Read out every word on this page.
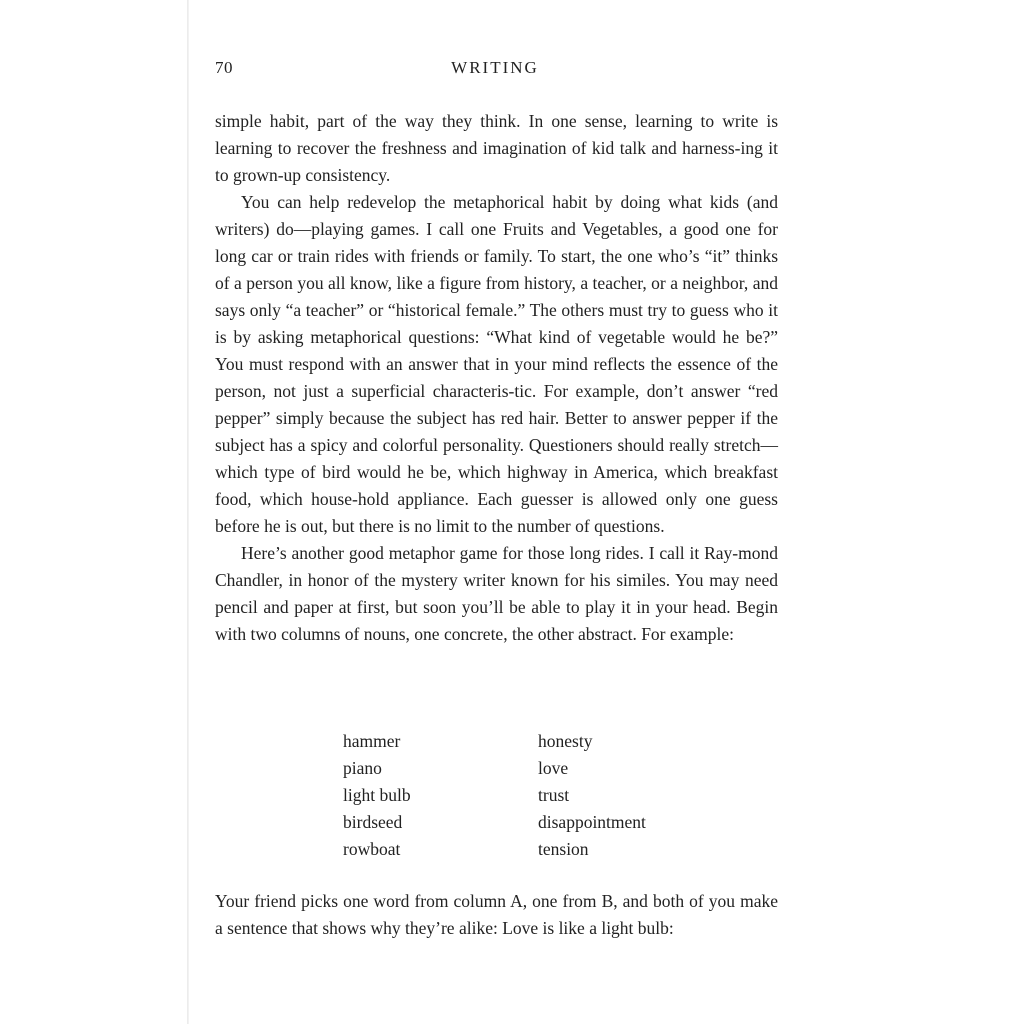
70	WRITING

simple habit, part of the way they think. In one sense, learning to write is learning to recover the freshness and imagination of kid talk and harness-ing it to grown-up consistency.

You can help redevelop the metaphorical habit by doing what kids (and writers) do—playing games. I call one Fruits and Vegetables, a good one for long car or train rides with friends or family. To start, the one who’s “it” thinks of a person you all know, like a figure from history, a teacher, or a neighbor, and says only “a teacher” or “historical female.” The others must try to guess who it is by asking metaphorical questions: “What kind of vegetable would he be?” You must respond with an answer that in your mind reflects the essence of the person, not just a superficial characteris-tic. For example, don’t answer “red pepper” simply because the subject has red hair. Better to answer pepper if the subject has a spicy and colorful personality. Questioners should really stretch—which type of bird would he be, which highway in America, which breakfast food, which house-hold appliance. Each guesser is allowed only one guess before he is out, but there is no limit to the number of questions.

Here’s another good metaphor game for those long rides. I call it Ray-mond Chandler, in honor of the mystery writer known for his similes. You may need pencil and paper at first, but soon you’ll be able to play it in your head. Begin with two columns of nouns, one concrete, the other abstract. For example:

hammer
piano
light bulb
birdseed
rowboat
honesty
love
trust
disappointment
tension

Your friend picks one word from column A, one from B, and both of you make a sentence that shows why they’re alike: Love is like a light bulb:
